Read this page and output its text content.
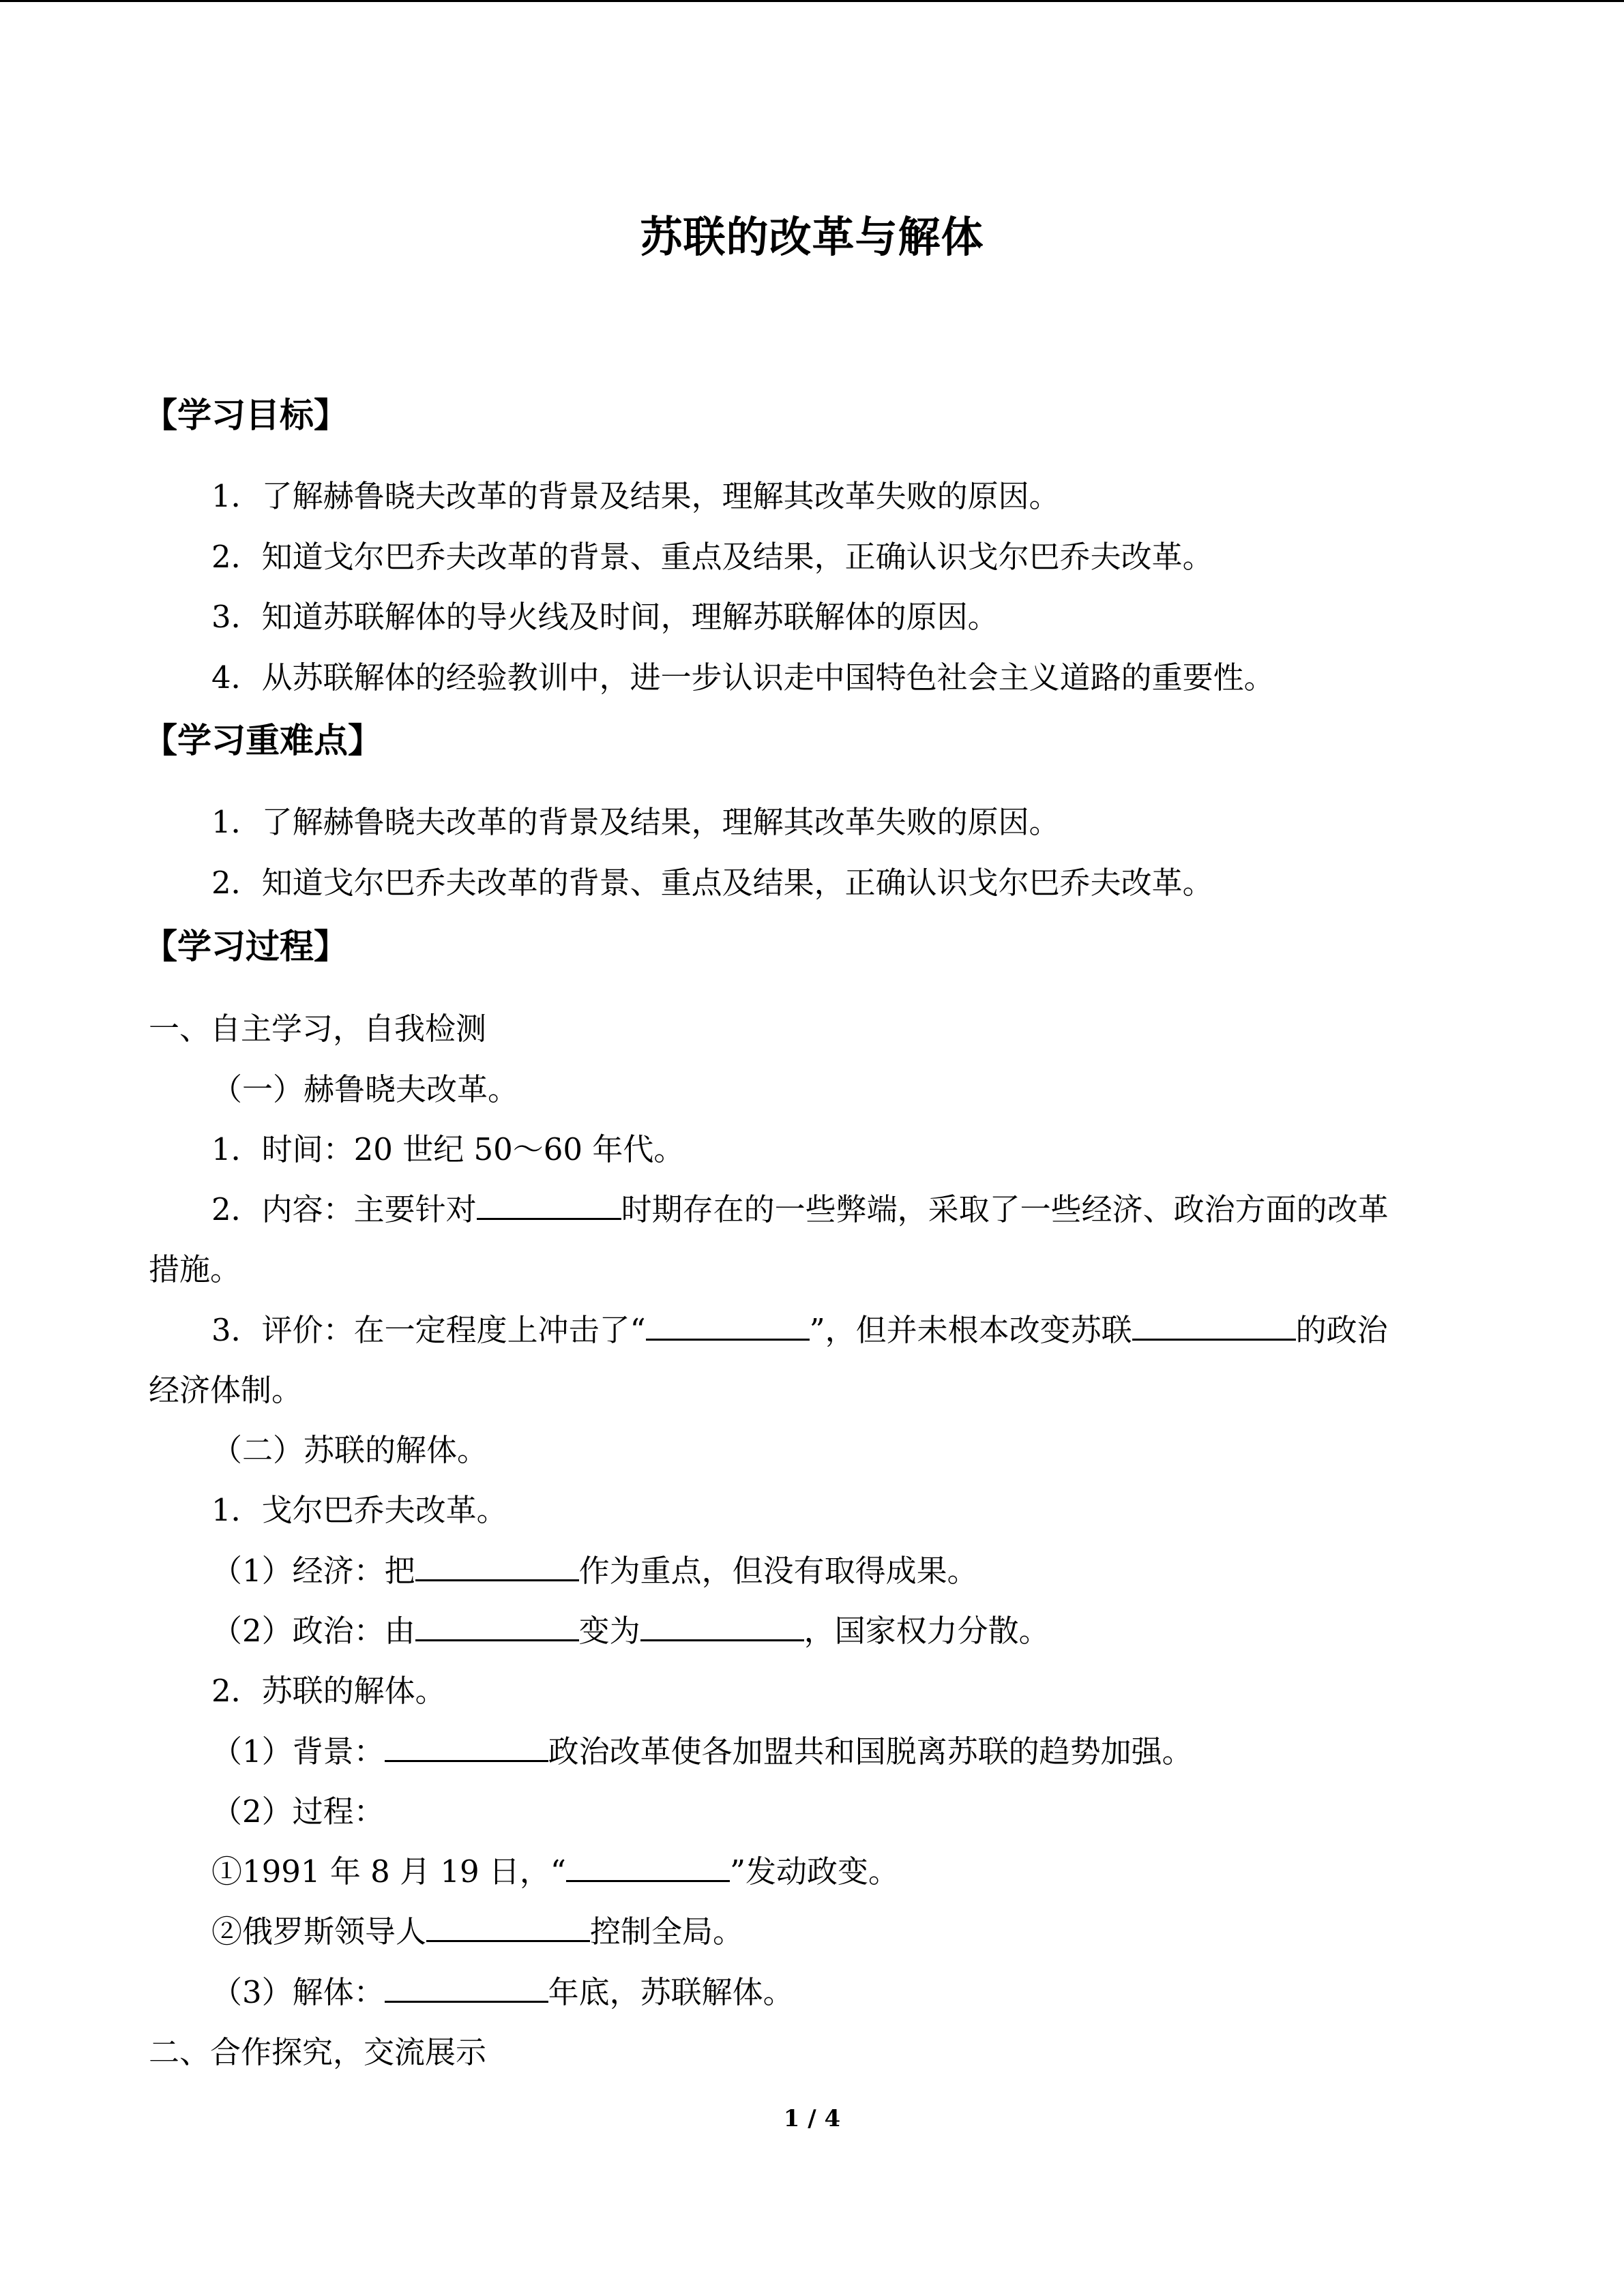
苏联的改革与解体
【学习目标】
1．了解赫鲁晓夫改革的背景及结果，理解其改革失败的原因。
2．知道戈尔巴乔夫改革的背景、重点及结果，正确认识戈尔巴乔夫改革。
3．知道苏联解体的导火线及时间，理解苏联解体的原因。
4．从苏联解体的经验教训中，进一步认识走中国特色社会主义道路的重要性。
【学习重难点】
1．了解赫鲁晓夫改革的背景及结果，理解其改革失败的原因。
2．知道戈尔巴乔夫改革的背景、重点及结果，正确认识戈尔巴乔夫改革。
【学习过程】
一、自主学习，自我检测
（一）赫鲁晓夫改革。
1．时间：20 世纪 50～60 年代。
2．内容：主要针对	时期存在的一些弊端，采取了一些经济、政治方面的改革
措施。
3．评价：在一定程度上冲击了“	”，但并未根本改变苏联	的政治
经济体制。
（二）苏联的解体。
1．戈尔巴乔夫改革。
（1）经济：把	作为重点，但没有取得成果。
（2）政治：由	变为	，国家权力分散。
2．苏联的解体。
（1）背景：	政治改革使各加盟共和国脱离苏联的趋势加强。
（2）过程：
①1991 年 8 月 19 日，“	”发动政变。
②俄罗斯领导人	控制全局。
（3）解体：	年底，苏联解体。
二、合作探究，交流展示
1 / 4
